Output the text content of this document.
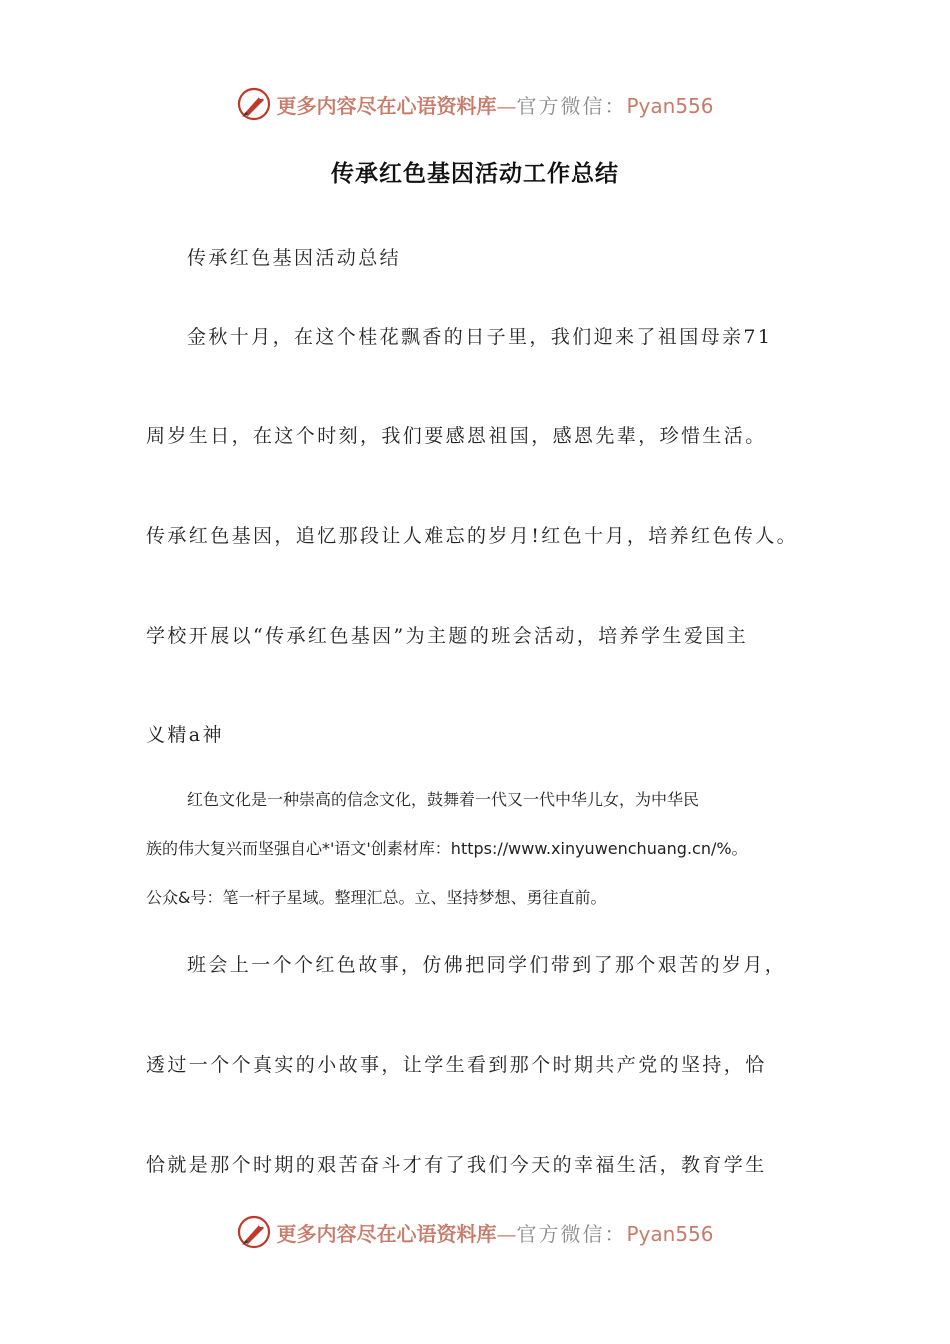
更多内容尽在心语资料库—官方微信：Pyan556
传承红色基因活动工作总结
传承红色基因活动总结
金秋十月，在这个桂花飘香的日子里，我们迎来了祖国母亲71
周岁生日，在这个时刻，我们要感恩祖国，感恩先辈，珍惜生活。
传承红色基因，追忆那段让人难忘的岁月!红色十月，培养红色传人。
学校开展以“传承红色基因”为主题的班会活动，培养学生爱国主
义精a神
红色文化是一种崇高的信念文化，鼓舞着一代又一代中华儿女，为中华民
族的伟大复兴而坚强自心*'语文'创素材库：https://www.xinyuwenchuang.cn/%。
公众&号：笔一杆子星域。整理汇总。立、坚持梦想、勇往直前。
班会上一个个红色故事，仿佛把同学们带到了那个艰苦的岁月，
透过一个个真实的小故事，让学生看到那个时期共产党的坚持，恰
恰就是那个时期的艰苦奋斗才有了我们今天的幸福生活，教育学生
更多内容尽在心语资料库—官方微信：Pyan556
